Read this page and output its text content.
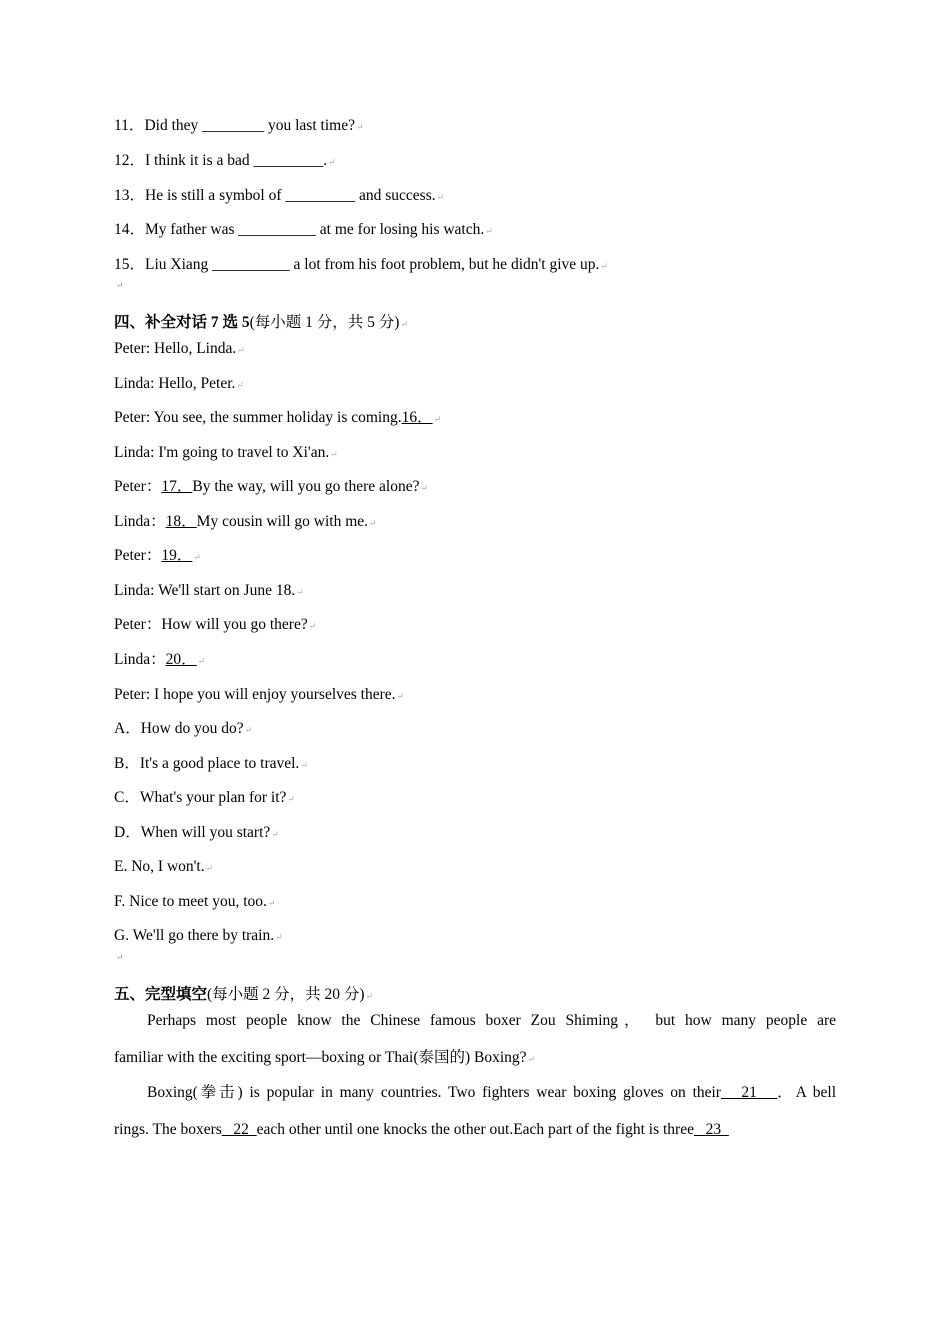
11．Did they ________ you last time?↵
12．I think it is a bad _________.↵
13．He is still a symbol of _________ and success.↵
14．My father was __________ at me for losing his watch.↵
15．Liu Xiang __________ a lot from his foot problem, but he didn't give up.↵
↵
四、补全对话 7 选 5(每小题 1 分，共 5 分)↵
Peter: Hello, Linda.↵
Linda: Hello, Peter.↵
Peter: You see, the summer holiday is coming.16．↵
Linda: I'm going to travel to Xi'an.↵
Peter：17．By the way, will you go there alone?↵
Linda：18．My cousin will go with me.↵
Peter：19．↵
Linda: We'll start on June 18.↵
Peter：How will you go there?↵
Linda：20．↵
Peter: I hope you will enjoy yourselves there.↵
A．How do you do?↵
B．It's a good place to travel.↵
C．What's your plan for it?↵
D．When will you start?↵
E. No, I won't.↵
F. Nice to meet you, too.↵
G. We'll go there by train.↵
↵
五、完型填空(每小题 2 分，共 20 分)↵
Perhaps most people know the Chinese famous boxer Zou Shiming， but how many people are
familiar with the exciting sport—boxing or Thai(泰国的) Boxing?↵
Boxing(拳击) is popular in many countries. Two fighters wear boxing gloves on their 21 ．A bell
rings. The boxers 22 each other until one knocks the other out.Each part of the fight is three 23
